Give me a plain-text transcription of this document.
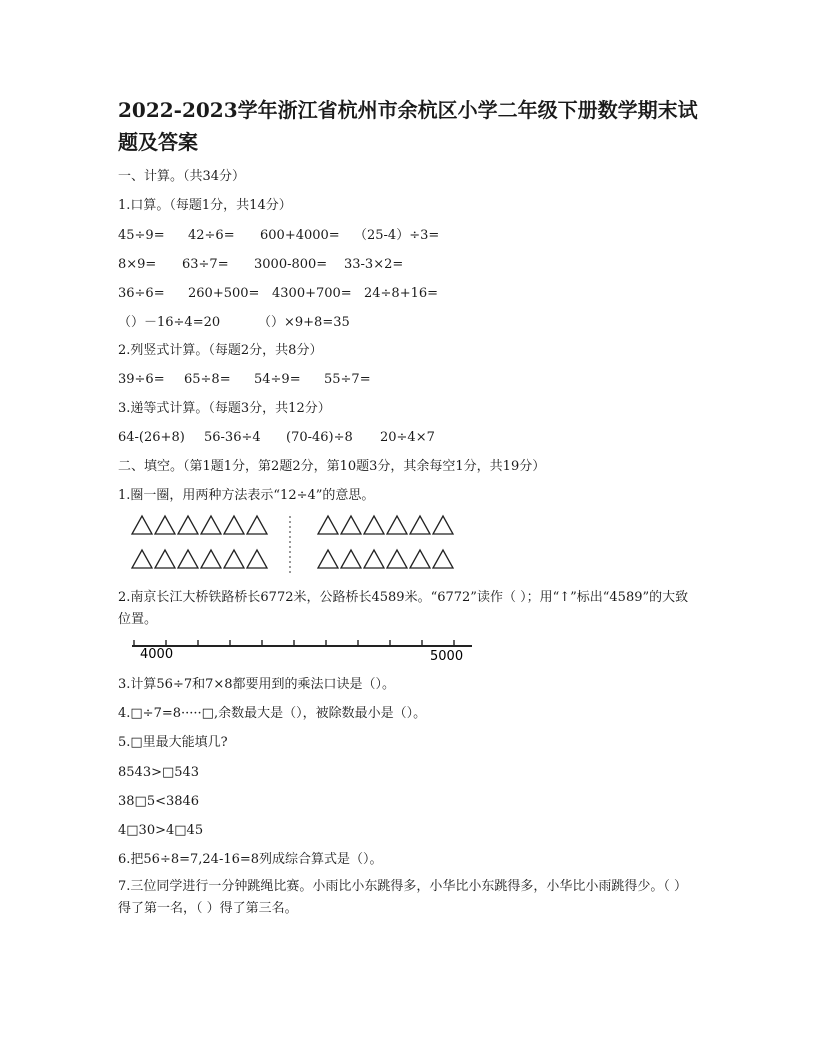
2022-2023学年浙江省杭州市余杭区小学二年级下册数学期末试题及答案

一、计算。（共34分）

1.口算。（每题1分，共14分）

45÷9= 42÷6= 600+4000= （25-4）÷3=
8×9= 63÷7= 3000-800= 33-3×2=
36÷6= 260+500= 4300+700= 24÷8+16=
（）－16÷4=20	（）×9+8=35

2.列竖式计算。（每题2分，共8分）

39÷6= 65÷8= 54÷9= 55÷7=

3.递等式计算。（每题3分，共12分）

64-(26+8) 56-36÷4 (70-46)÷8 20÷4×7

二、填空。（第1题1分，第2题2分，第10题3分，其余每空1分，共19分）

1.圈一圈，用两种方法表示“12÷4”的意思。

2.南京长江大桥铁路桥长6772米，公路桥长4589米。“6772”读作（ ）；用“↑”标出“4589”的大致位置。

4000	5000

3.计算56÷7和7×8都要用到的乘法口诀是（）。

4.□÷7=8·····□,余数最大是（），被除数最小是（）。

5.□里最大能填几?

8543>□543

38□5<3846

4□30>4□45

6.把56÷8=7,24-16=8列成综合算式是（）。

7.三位同学进行一分钟跳绳比赛。小雨比小东跳得多，小华比小东跳得多，小华比小雨跳得少。（ ）得了第一名，（ ）得了第三名。
